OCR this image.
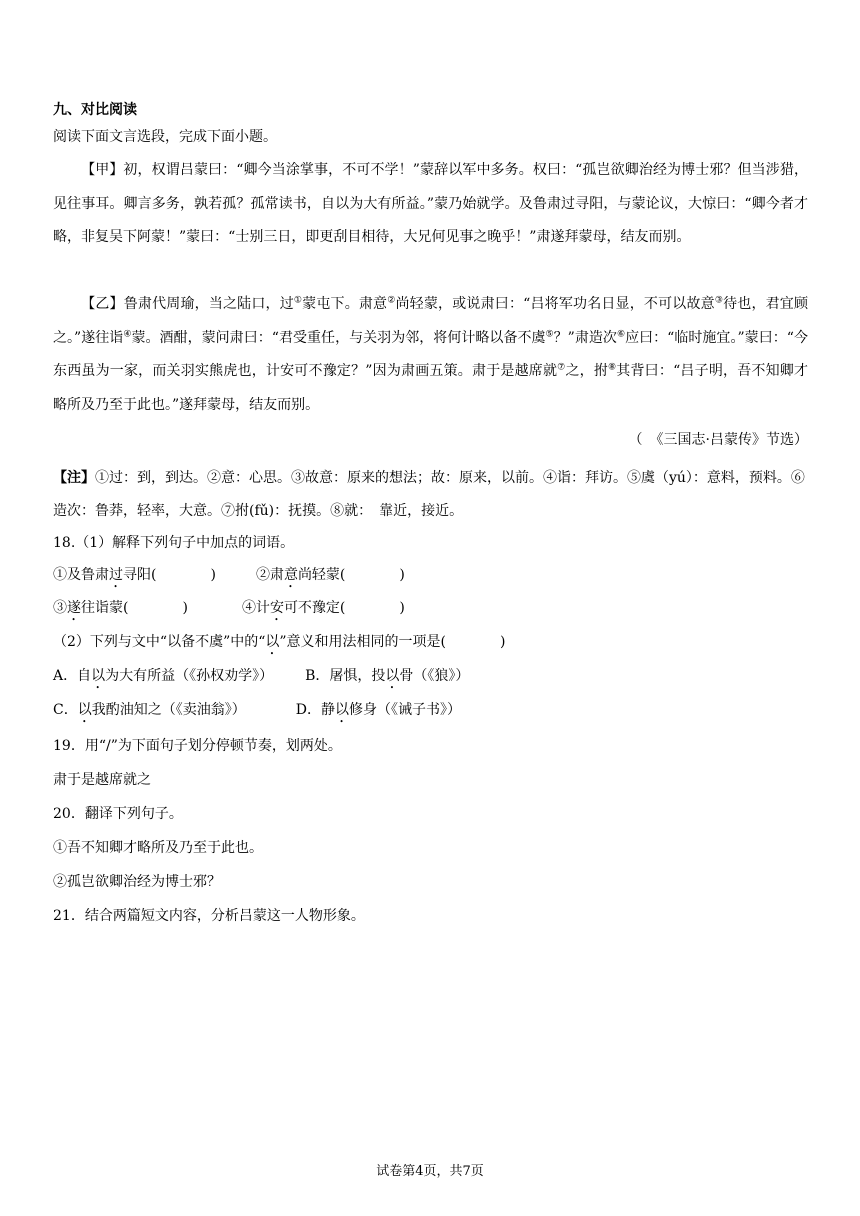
九、对比阅读
阅读下面文言选段，完成下面小题。
【甲】初，权谓吕蒙曰：“卿今当涂掌事，不可不学！”蒙辞以军中多务。权曰：“孤岂欲卿治经为博士邪？但当涉猎，见往事耳。卿言多务，孰若孤？孤常读书，自以为大有所益。”蒙乃始就学。及鲁肃过寻阳，与蒙论议，大惊曰：“卿今者才略，非复吴下阿蒙！”蒙曰：“士别三日，即更刮目相待，大兄何见事之晚乎！”肃遂拜蒙母，结友而别。
【乙】鲁肃代周瑜，当之陆口，过①蒙屯下。肃意②尚轻蒙，或说肃曰：“吕将军功名日显，不可以故意③待也，君宜顾之。”遂往诣④蒙。酒酣，蒙问肃曰：“君受重任，与关羽为邻，将何计略以备不虞⑤？”肃造次⑥应曰：“临时施宜。”蒙曰：“今东西虽为一家，而关羽实熊虎也，计安可不豫定？”因为肃画五策。肃于是越席就⑦之，拊⑧其背曰：“吕子明，吾不知卿才略所及乃至于此也。”遂拜蒙母，结友而别。
（　《三国志·吕蒙传》节选）
【注】①过：到，到达。②意：心思。③故意：原来的想法；故：原来，以前。④诣：拜访。⑤虞（yú）：意料，预料。⑥造次：鲁莽，轻率，大意。⑦拊(fǔ)：抚摸。⑧就：　靠近，接近。
18.（1）解释下列句子中加点的词语。
①及鲁肃过寻阳(	)	②肃意尚轻蒙(	)
③遂往诣蒙(	)	④计安可不豫定(	)
（2）下列与文中“以备不虞”中的“以”意义和用法相同的一项是(	)
A．自以为大有所益（《孙权劝学》） B．屠惧，投以骨（《狼》）
C．以我酌油知之（《卖油翁》）	D．静以修身（《诫子书》）
19．用“/”为下面句子划分停顿节奏，划两处。
肃于是越席就之
20．翻译下列句子。
①吾不知卿才略所及乃至于此也。
②孤岂欲卿治经为博士邪？
21．结合两篇短文内容，分析吕蒙这一人物形象。
试卷第4页，共7页
